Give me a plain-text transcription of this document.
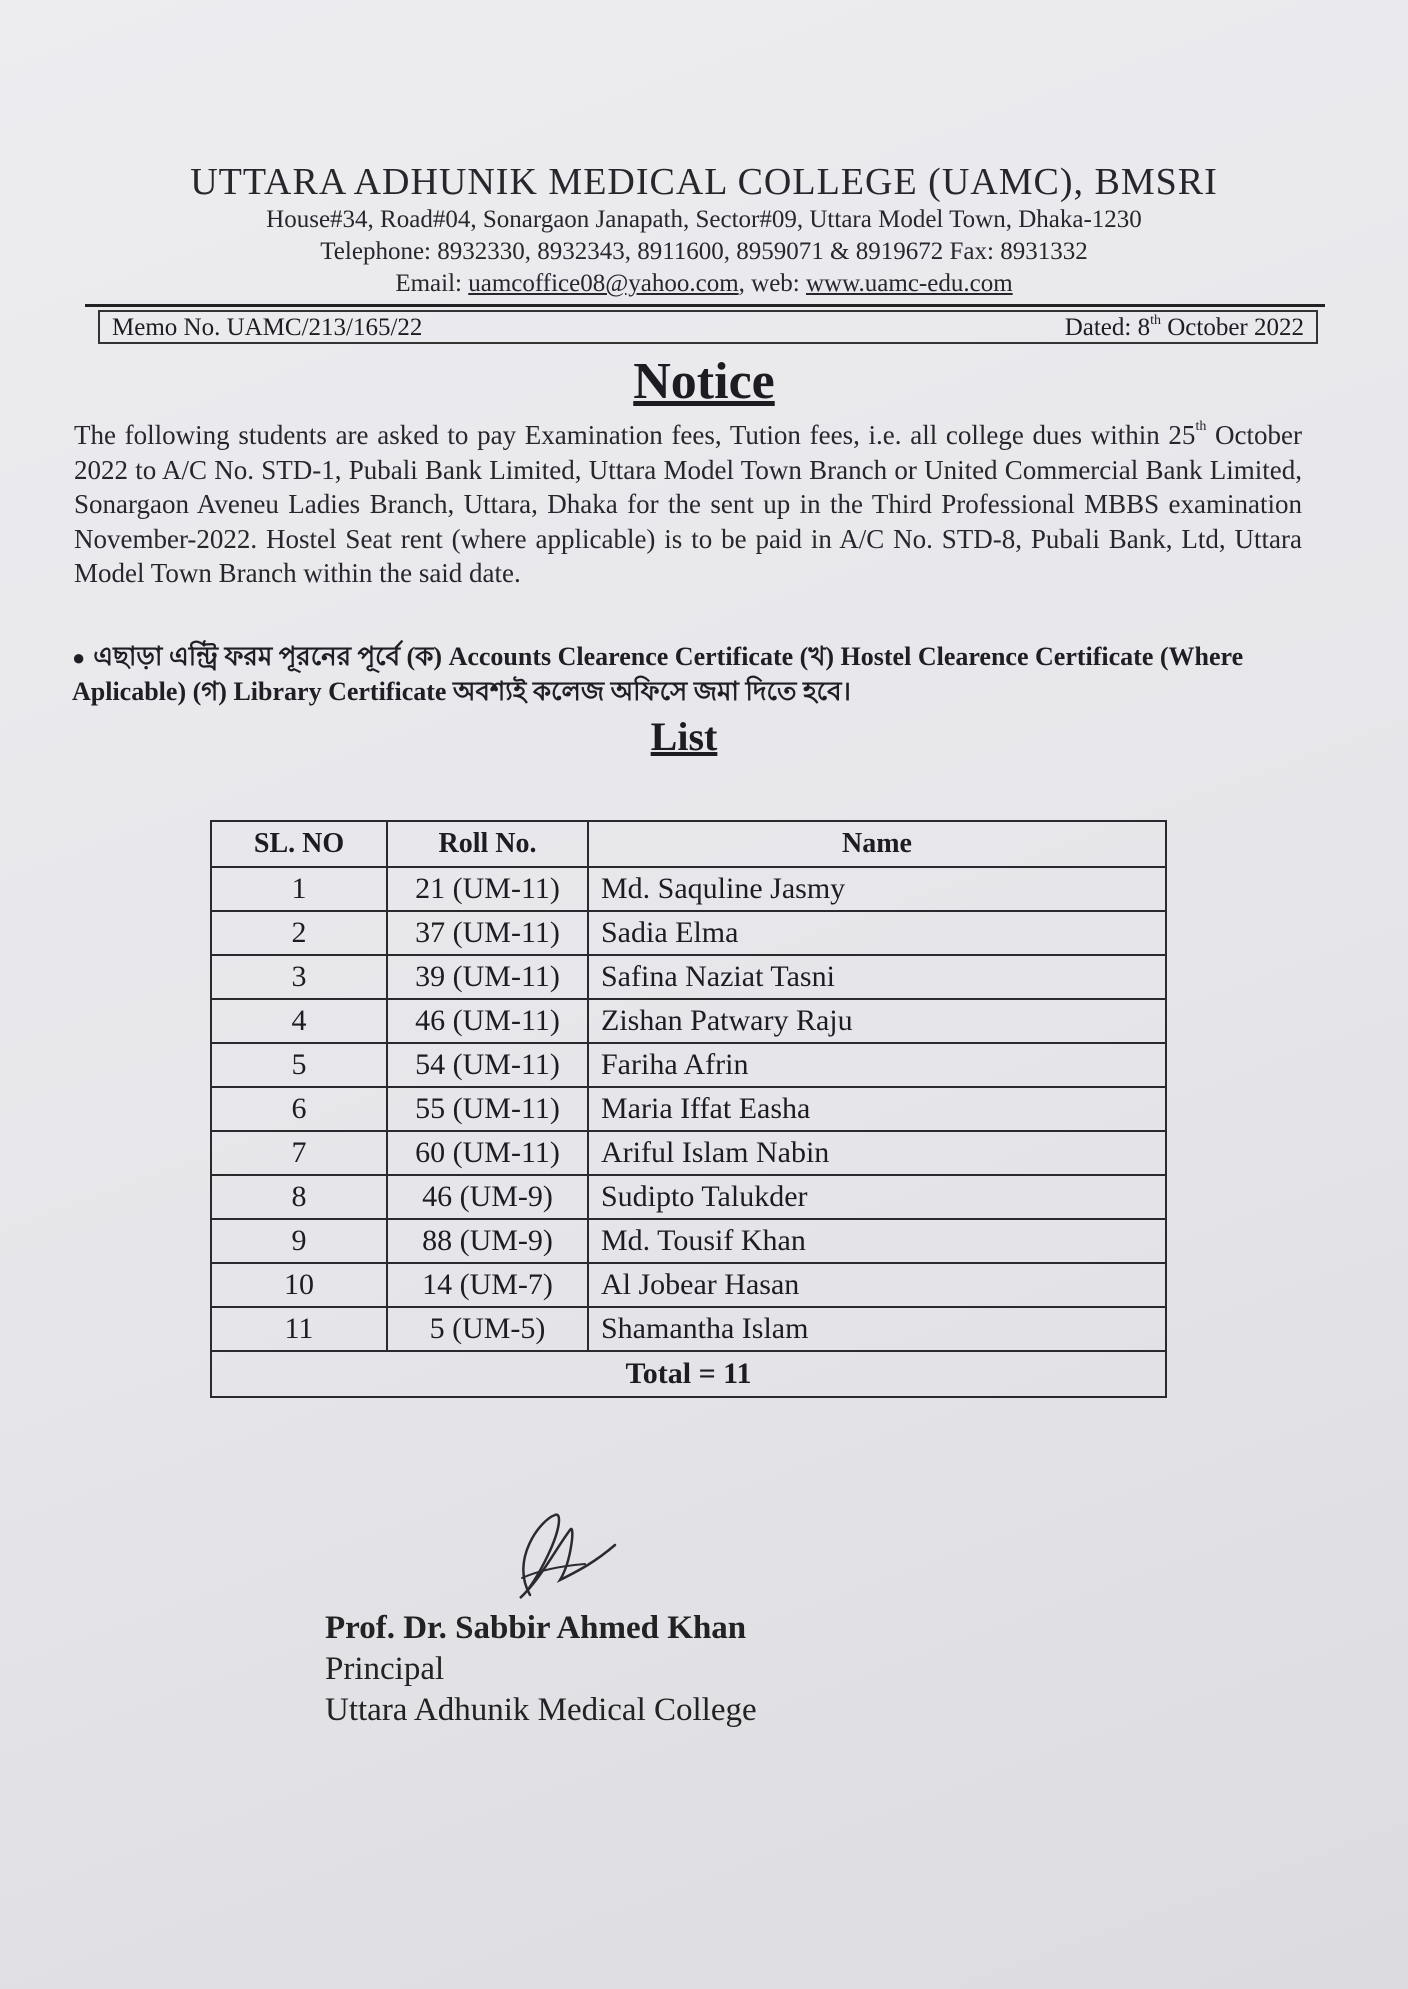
UTTARA ADHUNIK MEDICAL COLLEGE (UAMC), BMSRI
House#34, Road#04, Sonargaon Janapath, Sector#09, Uttara Model Town, Dhaka-1230
Telephone: 8932330, 8932343, 8911600, 8959071 & 8919672 Fax: 8931332
Email: uamcoffice08@yahoo.com, web: www.uamc-edu.com
Memo No. UAMC/213/165/22	Dated: 8th October 2022
Notice
The following students are asked to pay Examination fees, Tution fees, i.e. all college dues within 25th October 2022 to A/C No. STD-1, Pubali Bank Limited, Uttara Model Town Branch or United Commercial Bank Limited, Sonargaon Aveneu Ladies Branch, Uttara, Dhaka for the sent up in the Third Professional MBBS examination November-2022. Hostel Seat rent (where applicable) is to be paid in A/C No. STD-8, Pubali Bank, Ltd, Uttara Model Town Branch within the said date.
● এছাড়া এন্ট্রি ফরম পূরনের পূর্বে (ক) Accounts Clearence Certificate (খ) Hostel Clearence Certificate (Where Aplicable) (গ) Library Certificate অবশ্যই কলেজ অফিসে জমা দিতে হবে।
List
SL. NO	Roll No.	Name
1	21 (UM-11)	Md. Saquline Jasmy
2	37 (UM-11)	Sadia Elma
3	39 (UM-11)	Safina Naziat Tasni
4	46 (UM-11)	Zishan Patwary Raju
5	54 (UM-11)	Fariha Afrin
6	55 (UM-11)	Maria Iffat Easha
7	60 (UM-11)	Ariful Islam Nabin
8	46 (UM-9)	Sudipto Talukder
9	88 (UM-9)	Md. Tousif Khan
10	14 (UM-7)	Al Jobear Hasan
11	5 (UM-5)	Shamantha Islam
Total = 11		
Prof. Dr. Sabbir Ahmed Khan
Principal
Uttara Adhunik Medical College
